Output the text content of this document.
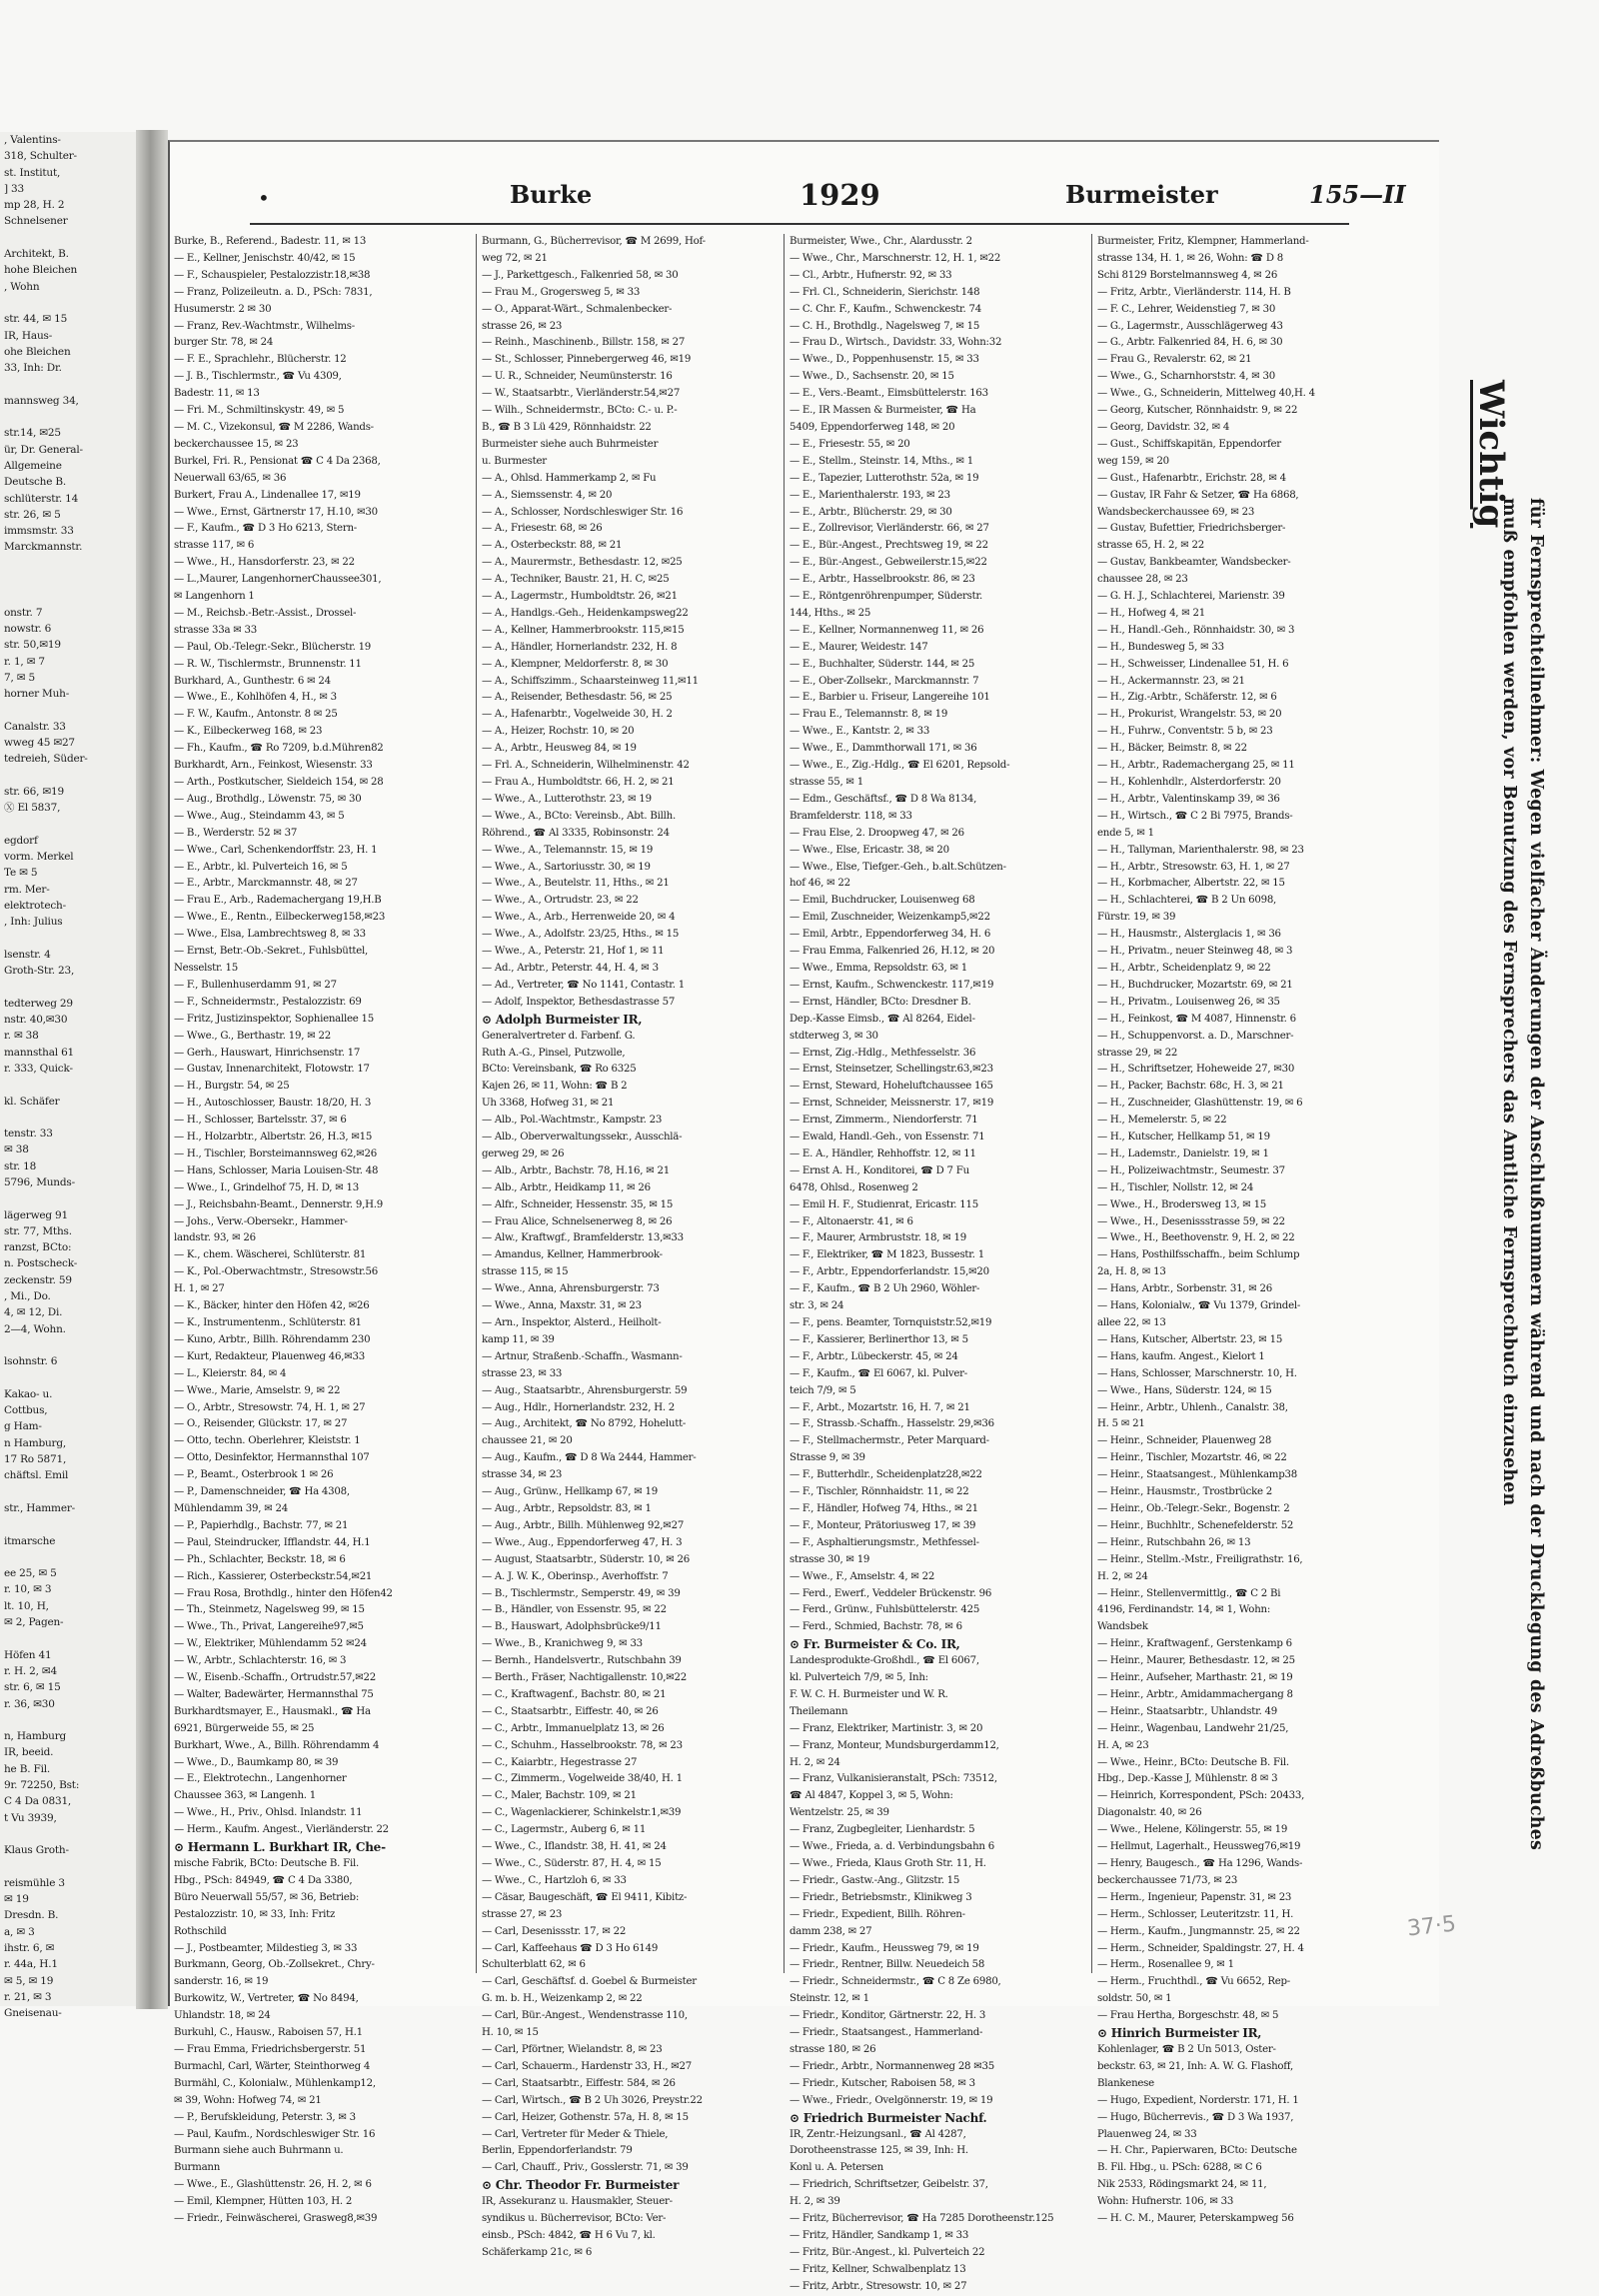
, Valentins-
318, Schulter-
st. Institut,
] 33
mp 28, H. 2
Schnelsener

Architekt, B.
hohe Bleichen
, Wohn

str. 44, ✉ 15
IR, Haus-
ohe Bleichen
33, Inh: Dr.

mannsweg 34,

str.14, ✉25
ür, Dr. General-
Allgemeine
Deutsche B.
schlüterstr. 14
str. 26, ✉ 5
immsmstr. 33
Marckmannstr.

onstr. 7
nowstr. 6
str. 50,✉19
r. 1, ✉ 7
7, ✉ 5
horner Muh-

Canalstr. 33
wweg 45 ✉27
tedreieh, Süder-

str. 66, ✉19
Ⓧ El 5837,

egdorf
vorm. Merkel
Te ✉ 5
rm. Mer-
elektrotech-
, Inh: Julius

lsenstr. 4
Groth-Str. 23,

tedterweg 29
nstr. 40,✉30
r. ✉ 38
mannsthal 61
r. 333, Quick-

kl. Schäfer

tenstr. 33
✉ 38
str. 18
5796, Munds-

lägerweg 91
str. 77, Mths.
ranzst, BCto:
n. Postscheck-
zeckenstr. 59
, Mi., Do.
4, ✉ 12, Di.
2—4, Wohn.

lsohnstr. 6

Kakao- u.
Cottbus,
g Ham-
n Hamburg,
17 Ro 5871,
chäftsl. Emil

str., Hammer-

itmarsche

ee 25, ✉ 5
r. 10, ✉ 3
lt. 10, H,
✉ 2, Pagen-

Höfen 41
r. H. 2, ✉4
str. 6, ✉ 15
r. 36, ✉30

n, Hamburg
IR, beeid.
he B. Fil.
9r. 72250, Bst:
C 4 Da 0831,
t Vu 3939,

Klaus Groth-

reismühle 3
✉ 19
Dresdn. B.
a, ✉ 3
ihstr. 6, ✉
r. 44a, H.1
✉ 5, ✉ 19
r. 21, ✉ 3
Gneisenau-
•	Burke	1929	Burmeister	155—II
Burke, B., Referend., Badestr. 11, ✉ 13
— E., Kellner, Jenischstr. 40/42, ✉ 15
— F., Schauspieler, Pestalozzistr.18,✉38
— Franz, Polizeileutn. a. D., PSch: 7831,
Husumerstr. 2 ✉ 30
— Franz, Rev.-Wachtmstr., Wilhelms-
burger Str. 78, ✉ 24
— F. E., Sprachlehr., Blücherstr. 12
— J. B., Tischlermstr., ☎ Vu 4309,
Badestr. 11, ✉ 13
— Fri. M., Schmiltinskystr. 49, ✉ 5
— M. C., Vizekonsul, ☎ M 2286, Wands-
beckerchaussee 15, ✉ 23
Burkel, Fri. R., Pensionat ☎ C 4 Da 2368,
Neuerwall 63/65, ✉ 36
Burkert, Frau A., Lindenallee 17, ✉19
— Wwe., Ernst, Gärtnerstr 17, H.10, ✉30
— F., Kaufm., ☎ D 3 Ho 6213, Stern-
strasse 117, ✉ 6
— Wwe., H., Hansdorferstr. 23, ✉ 22
— L.,Maurer, LangenhornerChaussee301,
✉ Langenhorn 1
— M., Reichsb.-Betr.-Assist., Drossel-
strasse 33a ✉ 33
— Paul, Ob.-Telegr.-Sekr., Blücherstr. 19
— R. W., Tischlermstr., Brunnenstr. 11
Burkhard, A., Gunthestr. 6 ✉ 24
— Wwe., E., Kohlhöfen 4, H., ✉ 3
— F. W., Kaufm., Antonstr. 8 ✉ 25
— K., Eilbeckerweg 168, ✉ 23
— Fh., Kaufm., ☎ Ro 7209, b.d.Mühren82
Burkhardt, Arn., Feinkost, Wiesenstr. 33
— Arth., Postkutscher, Sieldeich 154, ✉ 28
— Aug., Brothdlg., Löwenstr. 75, ✉ 30
— Wwe., Aug., Steindamm 43, ✉ 5
— B., Werderstr. 52 ✉ 37
— Wwe., Carl, Schenkendorffstr. 23, H. 1
— E., Arbtr., kl. Pulverteich 16, ✉ 5
— E., Arbtr., Marckmannstr. 48, ✉ 27
— Frau E., Arb., Rademachergang 19,H.B
— Wwe., E., Rentn., Eilbeckerweg158,✉23
— Wwe., Elsa, Lambrechtsweg 8, ✉ 33
— Ernst, Betr.-Ob.-Sekret., Fuhlsbüttel,
Nesselstr. 15
— F., Bullenhuserdamm 91, ✉ 27
— F., Schneidermstr., Pestalozzistr. 69
— Fritz, Justizinspektor, Sophienallee 15
— Wwe., G., Berthastr. 19, ✉ 22
— Gerh., Hauswart, Hinrichsenstr. 17
— Gustav, Innenarchitekt, Flotowstr. 17
— H., Burgstr. 54, ✉ 25
— H., Autoschlosser, Baustr. 18/20, H. 3
— H., Schlosser, Bartelsstr. 37, ✉ 6
— H., Holzarbtr., Albertstr. 26, H.3, ✉15
— H., Tischler, Borsteimannsweg 62,✉26
— Hans, Schlosser, Maria Louisen-Str. 48
— Wwe., I., Grindelhof 75, H. D, ✉ 13
— J., Reichsbahn-Beamt., Dennerstr. 9,H.9
— Johs., Verw.-Obersekr., Hammer-
landstr. 93, ✉ 26
— K., chem. Wäscherei, Schlüterstr. 81
— K., Pol.-Oberwachtmstr., Stresowstr.56
H. 1, ✉ 27
— K., Bäcker, hinter den Höfen 42, ✉26
— K., Instrumentenm., Schlüterstr. 81
— Kuno, Arbtr., Billh. Röhrendamm 230
— Kurt, Redakteur, Plauenweg 46,✉33
— L., Kleierstr. 84, ✉ 4
— Wwe., Marie, Amselstr. 9, ✉ 22
— O., Arbtr., Stresowstr. 74, H. 1, ✉ 27
— O., Reisender, Glückstr. 17, ✉ 27
— Otto, techn. Oberlehrer, Kleiststr. 1
— Otto, Desinfektor, Hermannsthal 107
— P., Beamt., Osterbrook 1 ✉ 26
— P., Damenschneider, ☎ Ha 4308,
Mühlendamm 39, ✉ 24
— P., Papierhdlg., Bachstr. 77, ✉ 21
— Paul, Steindrucker, Ifflandstr. 44, H.1
— Ph., Schlachter, Beckstr. 18, ✉ 6
— Rich., Kassierer, Osterbeckstr.54,✉21
— Frau Rosa, Brothdlg., hinter den Höfen42
— Th., Steinmetz, Nagelsweg 99, ✉ 15
— Wwe., Th., Privat, Langereihe97,✉5
— W., Elektriker, Mühlendamm 52 ✉24
— W., Arbtr., Schlachterstr. 16, ✉ 3
— W., Eisenb.-Schaffn., Ortrudstr.57,✉22
— Walter, Badewärter, Hermannsthal 75
Burkhardtsmayer, E., Hausmakl., ☎ Ha
6921, Bürgerweide 55, ✉ 25
Burkhart, Wwe., A., Billh. Röhrendamm 4
— Wwe., D., Baumkamp 80, ✉ 39
— E., Elektrotechn., Langenhorner
Chaussee 363, ✉ Langenh. 1
— Wwe., H., Priv., Ohlsd. Inlandstr. 11
— Herm., Kaufm. Angest., Vierländerstr. 22
⊙ Hermann L. Burkhart IR, Che-
mische Fabrik, BCto: Deutsche B. Fil.
Hbg., PSch: 84949, ☎ C 4 Da 3380,
Büro Neuerwall 55/57, ✉ 36, Betrieb:
Pestalozzistr. 10, ✉ 33, Inh: Fritz
Rothschild
— J., Postbeamter, Mildestieg 3, ✉ 33
Burkmann, Georg, Ob.-Zollsekret., Chry-
sanderstr. 16, ✉ 19
Burkowitz, W., Vertreter, ☎ No 8494,
Uhlandstr. 18, ✉ 24
Burkuhl, C., Hausw., Raboisen 57, H.1
— Frau Emma, Friedrichsbergerstr. 51
Burmachl, Carl, Wärter, Steinthorweg 4
Burmähl, C., Kolonialw., Mühlenkamp12,
✉ 39, Wohn: Hofweg 74, ✉ 21
— P., Berufskleidung, Peterstr. 3, ✉ 3
— Paul, Kaufm., Nordschleswiger Str. 16
Burmann siehe auch Buhrmann u.
Burmann
— Wwe., E., Glashüttenstr. 26, H. 2, ✉ 6
— Emil, Klempner, Hütten 103, H. 2
— Friedr., Feinwäscherei, Grasweg8,✉39
Burmann, G., Bücherrevisor, ☎ M 2699, Hof-
weg 72, ✉ 21
— J., Parkettgesch., Falkenried 58, ✉ 30
— Frau M., Grogersweg 5, ✉ 33
— O., Apparat-Wärt., Schmalenbecker-
strasse 26, ✉ 23
— Reinh., Maschinenb., Billstr. 158, ✉ 27
— St., Schlosser, Pinnebergerweg 46, ✉19
— U. R., Schneider, Neumünsterstr. 16
— W., Staatsarbtr., Vierländerstr.54,✉27
— Wilh., Schneidermstr., BCto: C.- u. P.-
B., ☎ B 3 Lü 429, Rönnhaidstr. 22
Burmeister siehe auch Buhrmeister
u. Burmester
— A., Ohlsd. Hammerkamp 2, ✉ Fu
— A., Siemssenstr. 4, ✉ 20
— A., Schlosser, Nordschleswiger Str. 16
— A., Friesestr. 68, ✉ 26
— A., Osterbeckstr. 88, ✉ 21
— A., Maurermstr., Bethesdastr. 12, ✉25
— A., Techniker, Baustr. 21, H. C, ✉25
— A., Lagermstr., Humboldtstr. 26, ✉21
— A., Handlgs.-Geh., Heidenkampsweg22
— A., Kellner, Hammerbrookstr. 115,✉15
— A., Händler, Hornerlandstr. 232, H. 8
— A., Klempner, Meldorferstr. 8, ✉ 30
— A., Schiffszimm., Schaarsteinweg 11,✉11
— A., Reisender, Bethesdastr. 56, ✉ 25
— A., Hafenarbtr., Vogelweide 30, H. 2
— A., Heizer, Rochstr. 10, ✉ 20
— A., Arbtr., Heusweg 84, ✉ 19
— Frl. A., Schneiderin, Wilhelminenstr. 42
— Frau A., Humboldtstr. 66, H. 2, ✉ 21
— Wwe., A., Lutterothstr. 23, ✉ 19
— Wwe., A., BCto: Vereinsb., Abt. Billh.
Röhrend., ☎ Al 3335, Robinsonstr. 24
— Wwe., A., Telemannstr. 15, ✉ 19
— Wwe., A., Sartoriusstr. 30, ✉ 19
— Wwe., A., Beutelstr. 11, Hths., ✉ 21
— Wwe., A., Ortrudstr. 23, ✉ 22
— Wwe., A., Arb., Herrenweide 20, ✉ 4
— Wwe., A., Adolfstr. 23/25, Hths., ✉ 15
— Wwe., A., Peterstr. 21, Hof 1, ✉ 11
— Ad., Arbtr., Peterstr. 44, H. 4, ✉ 3
— Ad., Vertreter, ☎ No 1141, Contastr. 1
— Adolf, Inspektor, Bethesdastrasse 57
⊙ Adolph Burmeister IR,
Generalvertreter d. Farbenf. G.
Ruth A.-G., Pinsel, Putzwolle,
BCto: Vereinsbank, ☎ Ro 6325
Kajen 26, ✉ 11, Wohn: ☎ B 2
Uh 3368, Hofweg 31, ✉ 21
— Alb., Pol.-Wachtmstr., Kampstr. 23
— Alb., Oberverwaltungssekr., Ausschlä-
gerweg 29, ✉ 26
— Alb., Arbtr., Bachstr. 78, H.16, ✉ 21
— Alb., Arbtr., Heidkamp 11, ✉ 26
— Alfr., Schneider, Hessenstr. 35, ✉ 15
— Frau Alice, Schnelsenerweg 8, ✉ 26
— Alw., Kraftwgf., Bramfelderstr. 13,✉33
— Amandus, Kellner, Hammerbrook-
strasse 115, ✉ 15
— Wwe., Anna, Ahrensburgerstr. 73
— Wwe., Anna, Maxstr. 31, ✉ 23
— Arn., Inspektor, Alsterd., Heilholt-
kamp 11, ✉ 39
— Artnur, Straßenb.-Schaffn., Wasmann-
strasse 23, ✉ 33
— Aug., Staatsarbtr., Ahrensburgerstr. 59
— Aug., Hdlr., Hornerlandstr. 232, H. 2
— Aug., Architekt, ☎ No 8792, Hohelutt-
chaussee 21, ✉ 20
— Aug., Kaufm., ☎ D 8 Wa 2444, Hammer-
strasse 34, ✉ 23
— Aug., Grünw., Hellkamp 67, ✉ 19
— Aug., Arbtr., Repsoldstr. 83, ✉ 1
— Aug., Arbtr., Billh. Mühlenweg 92,✉27
— Wwe., Aug., Eppendorferweg 47, H. 3
— August, Staatsarbtr., Süderstr. 10, ✉ 26
— A. J. W. K., Oberinsp., Averhoffstr. 7
— B., Tischlermstr., Semperstr. 49, ✉ 39
— B., Händler, von Essenstr. 95, ✉ 22
— B., Hauswart, Adolphsbrücke9/11
— Wwe., B., Kranichweg 9, ✉ 33
— Bernh., Handelsvertr., Rutschbahn 39
— Berth., Fräser, Nachtigallenstr. 10,✉22
— C., Kraftwagenf., Bachstr. 80, ✉ 21
— C., Staatsarbtr., Eiffestr. 40, ✉ 26
— C., Arbtr., Immanuelplatz 13, ✉ 26
— C., Schuhm., Hasselbrookstr. 78, ✉ 23
— C., Kaiarbtr., Hegestrasse 27
— C., Zimmerm., Vogelweide 38/40, H. 1
— C., Maler, Bachstr. 109, ✉ 21
— C., Wagenlackierer, Schinkelstr.1,✉39
— C., Lagermstr., Auberg 6, ✉ 11
— Wwe., C., Iflandstr. 38, H. 41, ✉ 24
— Wwe., C., Süderstr. 87, H. 4, ✉ 15
— Wwe., C., Hartzloh 6, ✉ 33
— Cäsar, Baugeschäft, ☎ El 9411, Kibitz-
strasse 27, ✉ 23
— Carl, Desenissstr. 17, ✉ 22
— Carl, Kaffeehaus ☎ D 3 Ho 6149
Schulterblatt 62, ✉ 6
— Carl, Geschäftsf. d. Goebel & Burmeister
G. m. b. H., Weizenkamp 2, ✉ 22
— Carl, Bür.-Angest., Wendenstrasse 110,
H. 10, ✉ 15
— Carl, Pförtner, Wielandstr. 8, ✉ 23
— Carl, Schauerm., Hardenstr 33, H., ✉27
— Carl, Staatsarbtr., Eiffestr. 584, ✉ 26
— Carl, Wirtsch., ☎ B 2 Uh 3026, Preystr.22
— Carl, Heizer, Gothenstr. 57a, H. 8, ✉ 15
— Carl, Vertreter für Meder & Thiele,
Berlin, Eppendorferlandstr. 79
— Carl, Chauff., Priv., Gosslerstr. 71, ✉ 39
⊙ Chr. Theodor Fr. Burmeister
IR, Assekuranz u. Hausmakler, Steuer-
syndikus u. Bücherrevisor, BCto: Ver-
einsb., PSch: 4842, ☎ H 6 Vu 7, kl.
Schäferkamp 21c, ✉ 6
Burmeister, Wwe., Chr., Alardusstr. 2
— Wwe., Chr., Marschnerstr. 12, H. 1, ✉22
— Cl., Arbtr., Hufnerstr. 92, ✉ 33
— Frl. Cl., Schneiderin, Sierichstr. 148
— C. Chr. F., Kaufm., Schwenckestr. 74
— C. H., Brothdlg., Nagelsweg 7, ✉ 15
— Frau D., Wirtsch., Davidstr. 33, Wohn:32
— Wwe., D., Poppenhusenstr. 15, ✉ 33
— Wwe., D., Sachsenstr. 20, ✉ 15
— E., Vers.-Beamt., Eimsbüttelerstr. 163
— E., IR Massen & Burmeister, ☎ Ha
5409, Eppendorferweg 148, ✉ 20
— E., Friesestr. 55, ✉ 20
— E., Stellm., Steinstr. 14, Mths., ✉ 1
— E., Tapezier, Lutterothstr. 52a, ✉ 19
— E., Marienthalerstr. 193, ✉ 23
— E., Arbtr., Blücherstr. 29, ✉ 30
— E., Zollrevisor, Vierländerstr. 66, ✉ 27
— E., Bür.-Angest., Prechtsweg 19, ✉ 22
— E., Bür.-Angest., Gebweilerstr.15,✉22
— E., Arbtr., Hasselbrookstr. 86, ✉ 23
— E., Röntgenröhrenpumper, Süderstr.
144, Hths., ✉ 25
— E., Kellner, Normannenweg 11, ✉ 26
— E., Maurer, Weidestr. 147
— E., Buchhalter, Süderstr. 144, ✉ 25
— E., Ober-Zollsekr., Marckmannstr. 7
— E., Barbier u. Friseur, Langereihe 101
— Frau E., Telemannstr. 8, ✉ 19
— Wwe., E., Kantstr. 2, ✉ 33
— Wwe., E., Dammthorwall 171, ✉ 36
— Wwe., E., Zig.-Hdlg., ☎ El 6201, Repsold-
strasse 55, ✉ 1
— Edm., Geschäftsf., ☎ D 8 Wa 8134,
Bramfelderstr. 118, ✉ 33
— Frau Else, 2. Droopweg 47, ✉ 26
— Wwe., Else, Ericastr. 38, ✉ 20
— Wwe., Else, Tiefger.-Geh., b.alt.Schützen-
hof 46, ✉ 22
— Emil, Buchdrucker, Louisenweg 68
— Emil, Zuschneider, Weizenkamp5,✉22
— Emil, Arbtr., Eppendorferweg 34, H. 6
— Frau Emma, Falkenried 26, H.12, ✉ 20
— Wwe., Emma, Repsoldstr. 63, ✉ 1
— Ernst, Kaufm., Schwenckestr. 117,✉19
— Ernst, Händler, BCto: Dresdner B.
Dep.-Kasse Eimsb., ☎ Al 8264, Eidel-
stdterweg 3, ✉ 30
— Ernst, Zig.-Hdlg., Methfesselstr. 36
— Ernst, Steinsetzer, Schellingstr.63,✉23
— Ernst, Steward, Hoheluftchaussee 165
— Ernst, Schneider, Meissnerstr. 17, ✉19
— Ernst, Zimmerm., Niendorferstr. 71
— Ewald, Handl.-Geh., von Essenstr. 71
— E. A., Händler, Rehhoffstr. 12, ✉ 11
— Ernst A. H., Konditorei, ☎ D 7 Fu
6478, Ohlsd., Rosenweg 2
— Emil H. F., Studienrat, Ericastr. 115
— F., Altonaerstr. 41, ✉ 6
— F., Maurer, Armbruststr. 18, ✉ 19
— F., Elektriker, ☎ M 1823, Bussestr. 1
— F., Arbtr., Eppendorferlandstr. 15,✉20
— F., Kaufm., ☎ B 2 Uh 2960, Wöhler-
str. 3, ✉ 24
— F., pens. Beamter, Tornquiststr.52,✉19
— F., Kassierer, Berlinerthor 13, ✉ 5
— F., Arbtr., Lübeckerstr. 45, ✉ 24
— F., Kaufm., ☎ El 6067, kl. Pulver-
teich 7/9, ✉ 5
— F., Arbt., Mozartstr. 16, H. 7, ✉ 21
— F., Strassb.-Schaffn., Hasselstr. 29,✉36
— F., Stellmachermstr., Peter Marquard-
Strasse 9, ✉ 39
— F., Butterhdlr., Scheidenplatz28,✉22
— F., Tischler, Rönnhaidstr. 11, ✉ 22
— F., Händler, Hofweg 74, Hths., ✉ 21
— F., Monteur, Prätoriusweg 17, ✉ 39
— F., Asphaltierungsmstr., Methfessel-
strasse 30, ✉ 19
— Wwe., F., Amselstr. 4, ✉ 22
— Ferd., Ewerf., Veddeler Brückenstr. 96
— Ferd., Grünw., Fuhlsbüttelerstr. 425
— Ferd., Schmied, Bachstr. 78, ✉ 6
⊙ Fr. Burmeister & Co. IR,
Landesprodukte-Großhdl., ☎ El 6067,
kl. Pulverteich 7/9, ✉ 5, Inh:
F. W. C. H. Burmeister und W. R.
Theilemann
— Franz, Elektriker, Martinistr. 3, ✉ 20
— Franz, Monteur, Mundsburgerdamm12,
H. 2, ✉ 24
— Franz, Vulkanisieranstalt, PSch: 73512,
☎ Al 4847, Koppel 3, ✉ 5, Wohn:
Wentzelstr. 25, ✉ 39
— Franz, Zugbegleiter, Lienhardstr. 5
— Wwe., Frieda, a. d. Verbindungsbahn 6
— Wwe., Frieda, Klaus Groth Str. 11, H.
— Friedr., Gastw.-Ang., Glitzstr. 15
— Friedr., Betriebsmstr., Klinikweg 3
— Friedr., Expedient, Billh. Röhren-
damm 238, ✉ 27
— Friedr., Kaufm., Heussweg 79, ✉ 19
— Friedr., Rentner, Billw. Neuedeich 58
— Friedr., Schneidermstr., ☎ C 8 Ze 6980,
Steinstr. 12, ✉ 1
— Friedr., Konditor, Gärtnerstr. 22, H. 3
— Friedr., Staatsangest., Hammerland-
strasse 180, ✉ 26
— Friedr., Arbtr., Normannenweg 28 ✉35
— Friedr., Kutscher, Raboisen 58, ✉ 3
— Wwe., Friedr., Ovelgönnerstr. 19, ✉ 19
⊙ Friedrich Burmeister Nachf.
IR, Zentr.-Heizungsanl., ☎ Al 4287,
Dorotheenstrasse 125, ✉ 39, Inh: H.
Konl u. A. Petersen
— Friedrich, Schriftsetzer, Geibelstr. 37,
H. 2, ✉ 39
— Fritz, Bücherrevisor, ☎ Ha 7285 Dorotheenstr.125
— Fritz, Händler, Sandkamp 1, ✉ 33
— Fritz, Bür.-Angest., kl. Pulverteich 22
— Fritz, Kellner, Schwalbenplatz 13
— Fritz, Arbtr., Stresowstr. 10, ✉ 27
Burmeister, Fritz, Klempner, Hammerland-
strasse 134, H. 1, ✉ 26, Wohn: ☎ D 8
Schi 8129 Borstelmannsweg 4, ✉ 26
— Fritz, Arbtr., Vierländerstr. 114, H. B
— F. C., Lehrer, Weidenstieg 7, ✉ 30
— G., Lagermstr., Ausschlägerweg 43
— G., Arbtr. Falkenried 84, H. 6, ✉ 30
— Frau G., Revalerstr. 62, ✉ 21
— Wwe., G., Scharnhorststr. 4, ✉ 30
— Wwe., G., Schneiderin, Mittelweg 40,H. 4
— Georg, Kutscher, Rönnhaidstr. 9, ✉ 22
— Georg, Davidstr. 32, ✉ 4
— Gust., Schiffskapitän, Eppendorfer
weg 159, ✉ 20
— Gust., Hafenarbtr., Erichstr. 28, ✉ 4
— Gustav, IR Fahr & Setzer, ☎ Ha 6868,
Wandsbeckerchaussee 69, ✉ 23
— Gustav, Bufettier, Friedrichsberger-
strasse 65, H. 2, ✉ 22
— Gustav, Bankbeamter, Wandsbecker-
chaussee 28, ✉ 23
— G. H. J., Schlachterei, Marienstr. 39
— H., Hofweg 4, ✉ 21
— H., Handl.-Geh., Rönnhaidstr. 30, ✉ 3
— H., Bundesweg 5, ✉ 33
— H., Schweisser, Lindenallee 51, H. 6
— H., Ackermannstr. 23, ✉ 21
— H., Zig.-Arbtr., Schäferstr. 12, ✉ 6
— H., Prokurist, Wrangelstr. 53, ✉ 20
— H., Fuhrw., Conventstr. 5 b, ✉ 23
— H., Bäcker, Beimstr. 8, ✉ 22
— H., Arbtr., Rademachergang 25, ✉ 11
— H., Kohlenhdlr., Alsterdorferstr. 20
— H., Arbtr., Valentinskamp 39, ✉ 36
— H., Wirtsch., ☎ C 2 Bi 7975, Brands-
ende 5, ✉ 1
— H., Tallyman, Marienthalerstr. 98, ✉ 23
— H., Arbtr., Stresowstr. 63, H. 1, ✉ 27
— H., Korbmacher, Albertstr. 22, ✉ 15
— H., Schlachterei, ☎ B 2 Un 6098,
Fürstr. 19, ✉ 39
— H., Hausmstr., Alsterglacis 1, ✉ 36
— H., Privatm., neuer Steinweg 48, ✉ 3
— H., Arbtr., Scheidenplatz 9, ✉ 22
— H., Buchdrucker, Mozartstr. 69, ✉ 21
— H., Privatm., Louisenweg 26, ✉ 35
— H., Feinkost, ☎ M 4087, Hinnenstr. 6
— H., Schuppenvorst. a. D., Marschner-
strasse 29, ✉ 22
— H., Schriftsetzer, Hoheweide 27, ✉30
— H., Packer, Bachstr. 68c, H. 3, ✉ 21
— H., Zuschneider, Glashüttenstr. 19, ✉ 6
— H., Memelerstr. 5, ✉ 22
— H., Kutscher, Hellkamp 51, ✉ 19
— H., Lademstr., Danielstr. 19, ✉ 1
— H., Polizeiwachtmstr., Seumestr. 37
— H., Tischler, Nollstr. 12, ✉ 24
— Wwe., H., Brodersweg 13, ✉ 15
— Wwe., H., Desenissstrasse 59, ✉ 22
— Wwe., H., Beethovenstr. 9, H. 2, ✉ 22
— Hans, Posthilfsschaffn., beim Schlump
2a, H. 8, ✉ 13
— Hans, Arbtr., Sorbenstr. 31, ✉ 26
— Hans, Kolonialw., ☎ Vu 1379, Grindel-
allee 22, ✉ 13
— Hans, Kutscher, Albertstr. 23, ✉ 15
— Hans, kaufm. Angest., Kielort 1
— Hans, Schlosser, Marschnerstr. 10, H.
— Wwe., Hans, Süderstr. 124, ✉ 15
— Heinr., Arbtr., Uhlenh., Canalstr. 38,
H. 5 ✉ 21
— Heinr., Schneider, Plauenweg 28
— Heinr., Tischler, Mozartstr. 46, ✉ 22
— Heinr., Staatsangest., Mühlenkamp38
— Heinr., Hausmstr., Trostbrücke 2
— Heinr., Ob.-Telegr.-Sekr., Bogenstr. 2
— Heinr., Buchhltr., Schenefelderstr. 52
— Heinr., Rutschbahn 26, ✉ 13
— Heinr., Stellm.-Mstr., Freiligrathstr. 16,
H. 2, ✉ 24
— Heinr., Stellenvermittlg., ☎ C 2 Bi
4196, Ferdinandstr. 14, ✉ 1, Wohn:
Wandsbek
— Heinr., Kraftwagenf., Gerstenkamp 6
— Heinr., Maurer, Bethesdastr. 12, ✉ 25
— Heinr., Aufseher, Marthastr. 21, ✉ 19
— Heinr., Arbtr., Amidammachergang 8
— Heinr., Staatsarbtr., Uhlandstr. 49
— Heinr., Wagenbau, Landwehr 21/25,
H. A, ✉ 23
— Wwe., Heinr., BCto: Deutsche B. Fil.
Hbg., Dep.-Kasse J, Mühlenstr. 8 ✉ 3
— Heinrich, Korrespondent, PSch: 20433,
Diagonalstr. 40, ✉ 26
— Wwe., Helene, Kölingerstr. 55, ✉ 19
— Hellmut, Lagerhalt., Heussweg76,✉19
— Henry, Baugesch., ☎ Ha 1296, Wands-
beckerchaussee 71/73, ✉ 23
— Herm., Ingenieur, Papenstr. 31, ✉ 23
— Herm., Schlosser, Leuteritzstr. 11, H.
— Herm., Kaufm., Jungmannstr. 25, ✉ 22
— Herm., Schneider, Spaldingstr. 27, H. 4
— Herm., Rosenallee 9, ✉ 1
— Herm., Fruchthdl., ☎ Vu 6652, Rep-
soldstr. 50, ✉ 1
— Frau Hertha, Borgeschstr. 48, ✉ 5
⊙ Hinrich Burmeister IR,
Kohlenlager, ☎ B 2 Un 5013, Oster-
beckstr. 63, ✉ 21, Inh: A. W. G. Flashoff,
Blankenese
— Hugo, Expedient, Norderstr. 171, H. 1
— Hugo, Bücherrevis., ☎ D 3 Wa 1937,
Plauenweg 24, ✉ 33
— H. Chr., Papierwaren, BCto: Deutsche
B. Fil. Hbg., u. PSch: 6288, ✉ C 6
Nik 2533, Rödingsmarkt 24, ✉ 11,
Wohn: Hufnerstr. 106, ✉ 33
— H. C. M., Maurer, Peterskampweg 56
Wichtig
für Fernsprechteilnehmer: Wegen vielfacher Änderungen der Anschlußnummern während und nach der Drucklegung des Adreßbuches muß empfohlen werden, vor Benutzung des Fernsprechers das Amtliche Fernsprechbuch einzusehen
37·5
